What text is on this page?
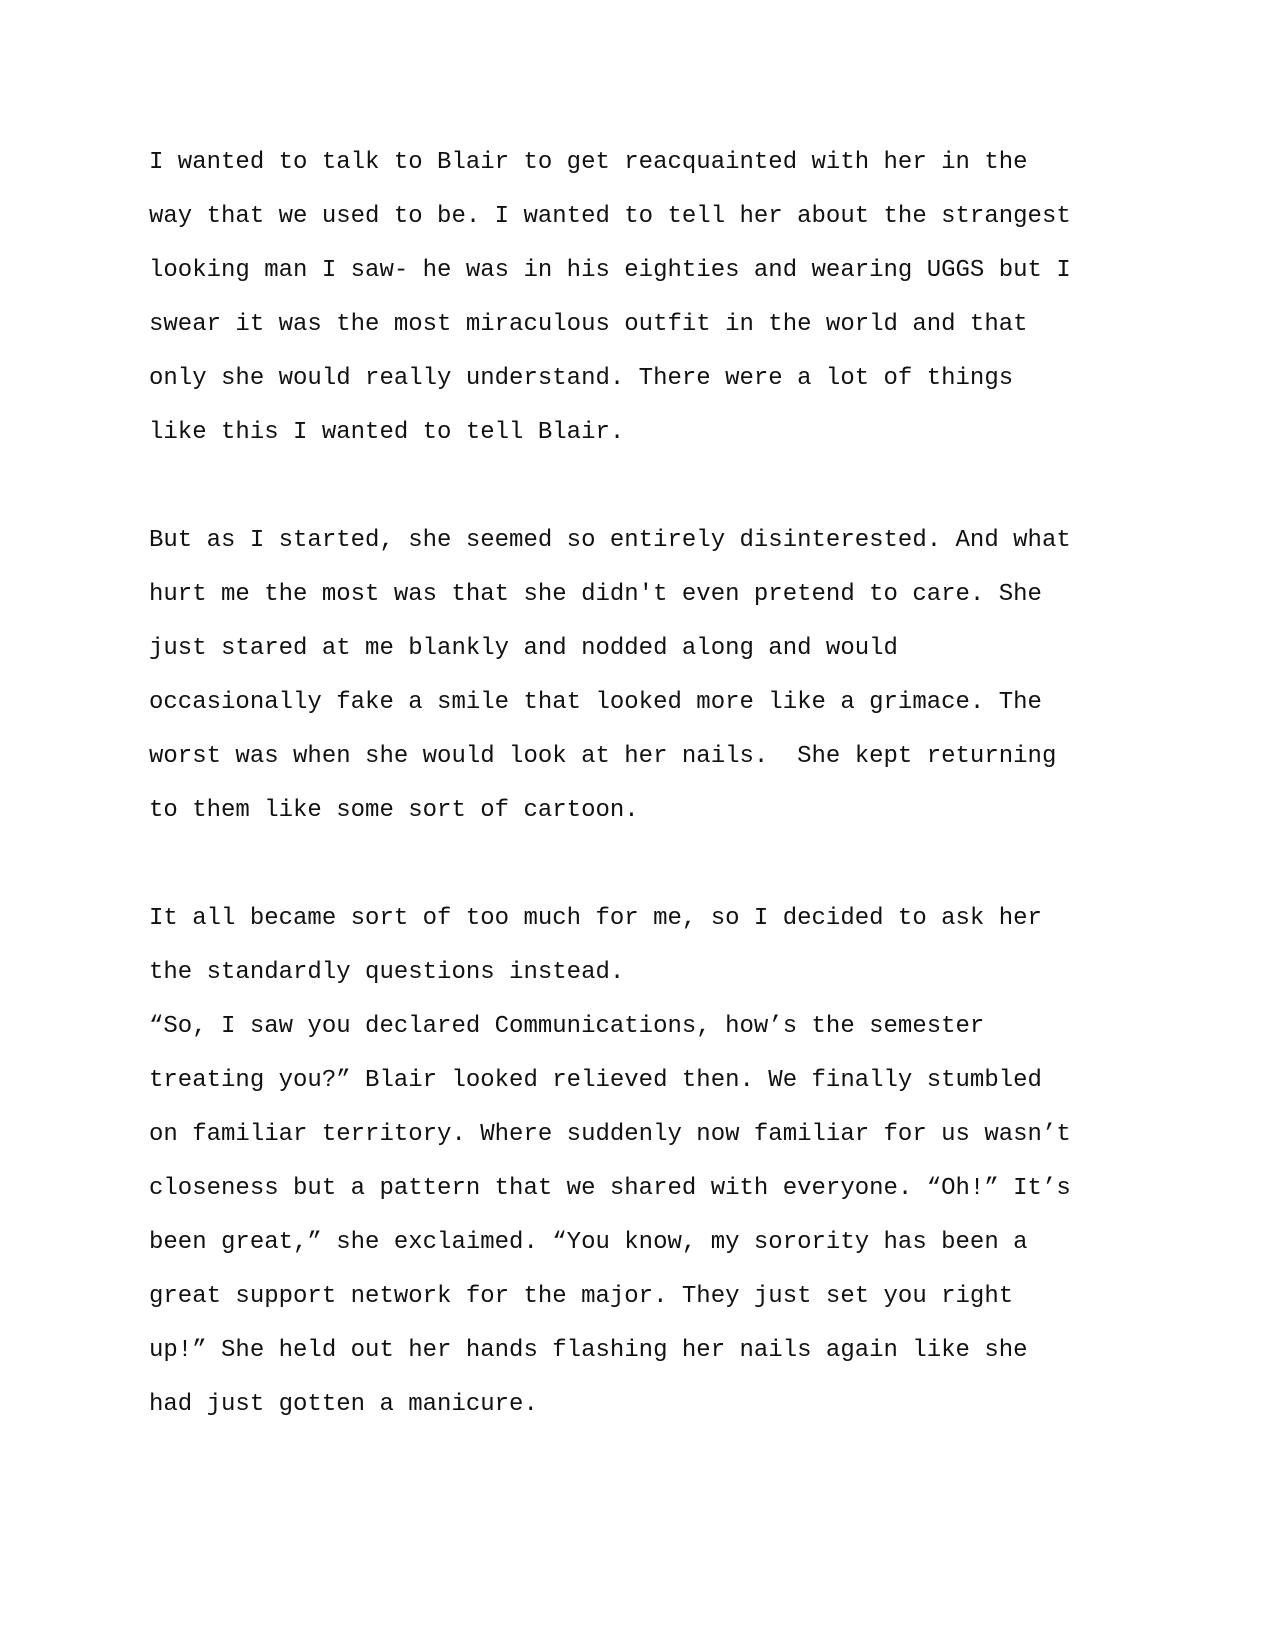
I wanted to talk to Blair to get reacquainted with her in the

way that we used to be. I wanted to tell her about the strangest

looking man I saw- he was in his eighties and wearing UGGS but I

swear it was the most miraculous outfit in the world and that

only she would really understand. There were a lot of things

like this I wanted to tell Blair.

But as I started, she seemed so entirely disinterested. And what

hurt me the most was that she didn't even pretend to care. She

just stared at me blankly and nodded along and would

occasionally fake a smile that looked more like a grimace. The

worst was when she would look at her nails.  She kept returning

to them like some sort of cartoon.

It all became sort of too much for me, so I decided to ask her

the standardly questions instead.

“So, I saw you declared Communications, how’s the semester

treating you?” Blair looked relieved then. We finally stumbled

on familiar territory. Where suddenly now familiar for us wasn’t

closeness but a pattern that we shared with everyone. “Oh!” It’s

been great,” she exclaimed. “You know, my sorority has been a

great support network for the major. They just set you right

up!” She held out her hands flashing her nails again like she

had just gotten a manicure.
